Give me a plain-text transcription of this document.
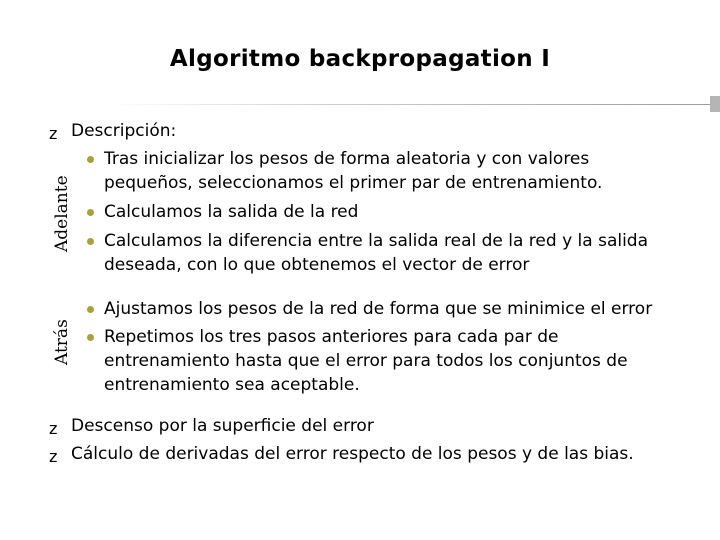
Algoritmo backpropagation I
Adelante
Atrás
z Descripción:
Tras inicializar los pesos de forma aleatoria y con valores
pequeños, seleccionamos el primer par de entrenamiento.
Calculamos la salida de la red
Calculamos la diferencia entre la salida real de la red y la salida
deseada, con lo que obtenemos el vector de error
Ajustamos los pesos de la red de forma que se minimice el error
Repetimos los tres pasos anteriores para cada par de
entrenamiento hasta que el error para todos los conjuntos de
entrenamiento sea aceptable.
z Descenso por la superficie del error
z Cálculo de derivadas del error respecto de los pesos y de las bias.
